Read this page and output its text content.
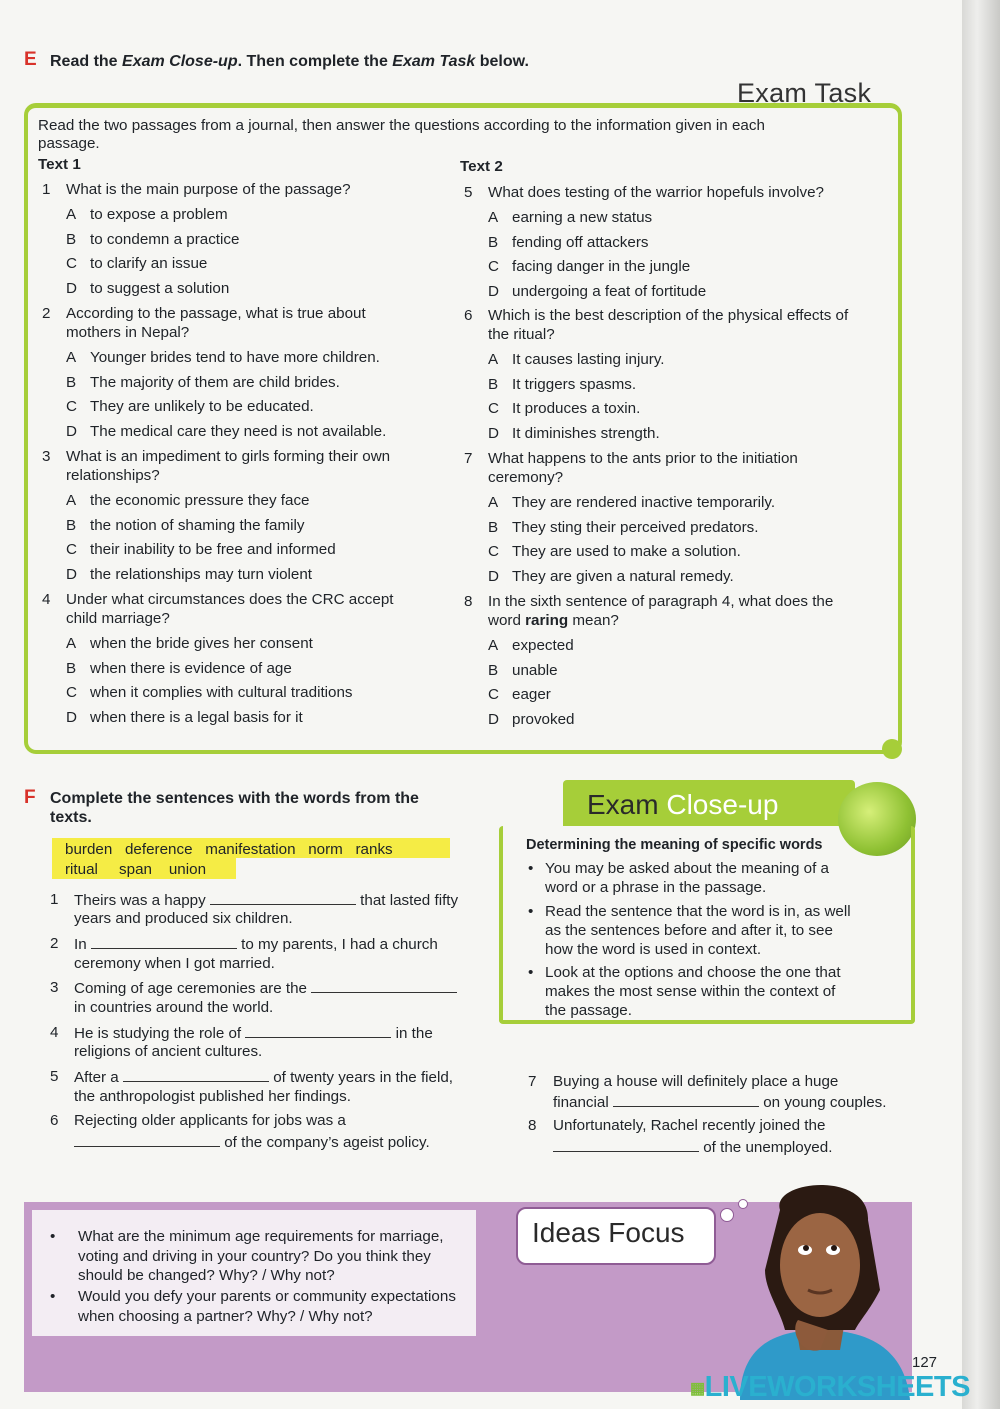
E Read the Exam Close-up. Then complete the Exam Task below.
Exam Task
Read the two passages from a journal, then answer the questions according to the information given in each
passage.
Text 1	Text 2
1 What is the main purpose of the passage?
A to expose a problem
B to condemn a practice
C to clarify an issue
D to suggest a solution
2 According to the passage, what is true about
mothers in Nepal?
A Younger brides tend to have more children.
B The majority of them are child brides.
C They are unlikely to be educated.
D The medical care they need is not available.
3 What is an impediment to girls forming their own
relationships?
A the economic pressure they face
B the notion of shaming the family
C their inability to be free and informed
D the relationships may turn violent
4 Under what circumstances does the CRC accept
child marriage?
A when the bride gives her consent
B when there is evidence of age
C when it complies with cultural traditions
D when there is a legal basis for it
5 What does testing of the warrior hopefuls involve?
A earning a new status
B fending off attackers
C facing danger in the jungle
D undergoing a feat of fortitude
6 Which is the best description of the physical effects of
the ritual?
A It causes lasting injury.
B It triggers spasms.
C It produces a toxin.
D It diminishes strength.
7 What happens to the ants prior to the initiation
ceremony?
A They are rendered inactive temporarily.
B They sting their perceived predators.
C They are used to make a solution.
D They are given a natural remedy.
8 In the sixth sentence of paragraph 4, what does the
word raring mean?
A expected
B unable
C eager
D provoked
F Complete the sentences with the words from the
texts.
burden deference manifestation norm ranks
ritual span union
1 Theirs was a happy	that lasted fifty
years and produced six children.
2 In	to my parents, I had a church
ceremony when I got married.
3 Coming of age ceremonies are the
in countries around the world.
4 He is studying the role of	in the
religions of ancient cultures.
5 After a	of twenty years in the field,
the anthropologist published her findings.
6 Rejecting older applicants for jobs was a
of the company’s ageist policy.
7 Buying a house will definitely place a huge
financial	on young couples.
8 Unfortunately, Rachel recently joined the
of the unemployed.
Exam Close-up
Determining the meaning of specific words
• You may be asked about the meaning of a
word or a phrase in the passage.
• Read the sentence that the word is in, as well
as the sentences before and after it, to see
how the word is used in context.
• Look at the options and choose the one that
makes the most sense within the context of
the passage.
Ideas Focus
• What are the minimum age requirements for marriage,
voting and driving in your country? Do you think they
should be changed? Why? / Why not?
• Would you defy your parents or community expectations
when choosing a partner? Why? / Why not?
127
▦LIVEWORKSHEETS
